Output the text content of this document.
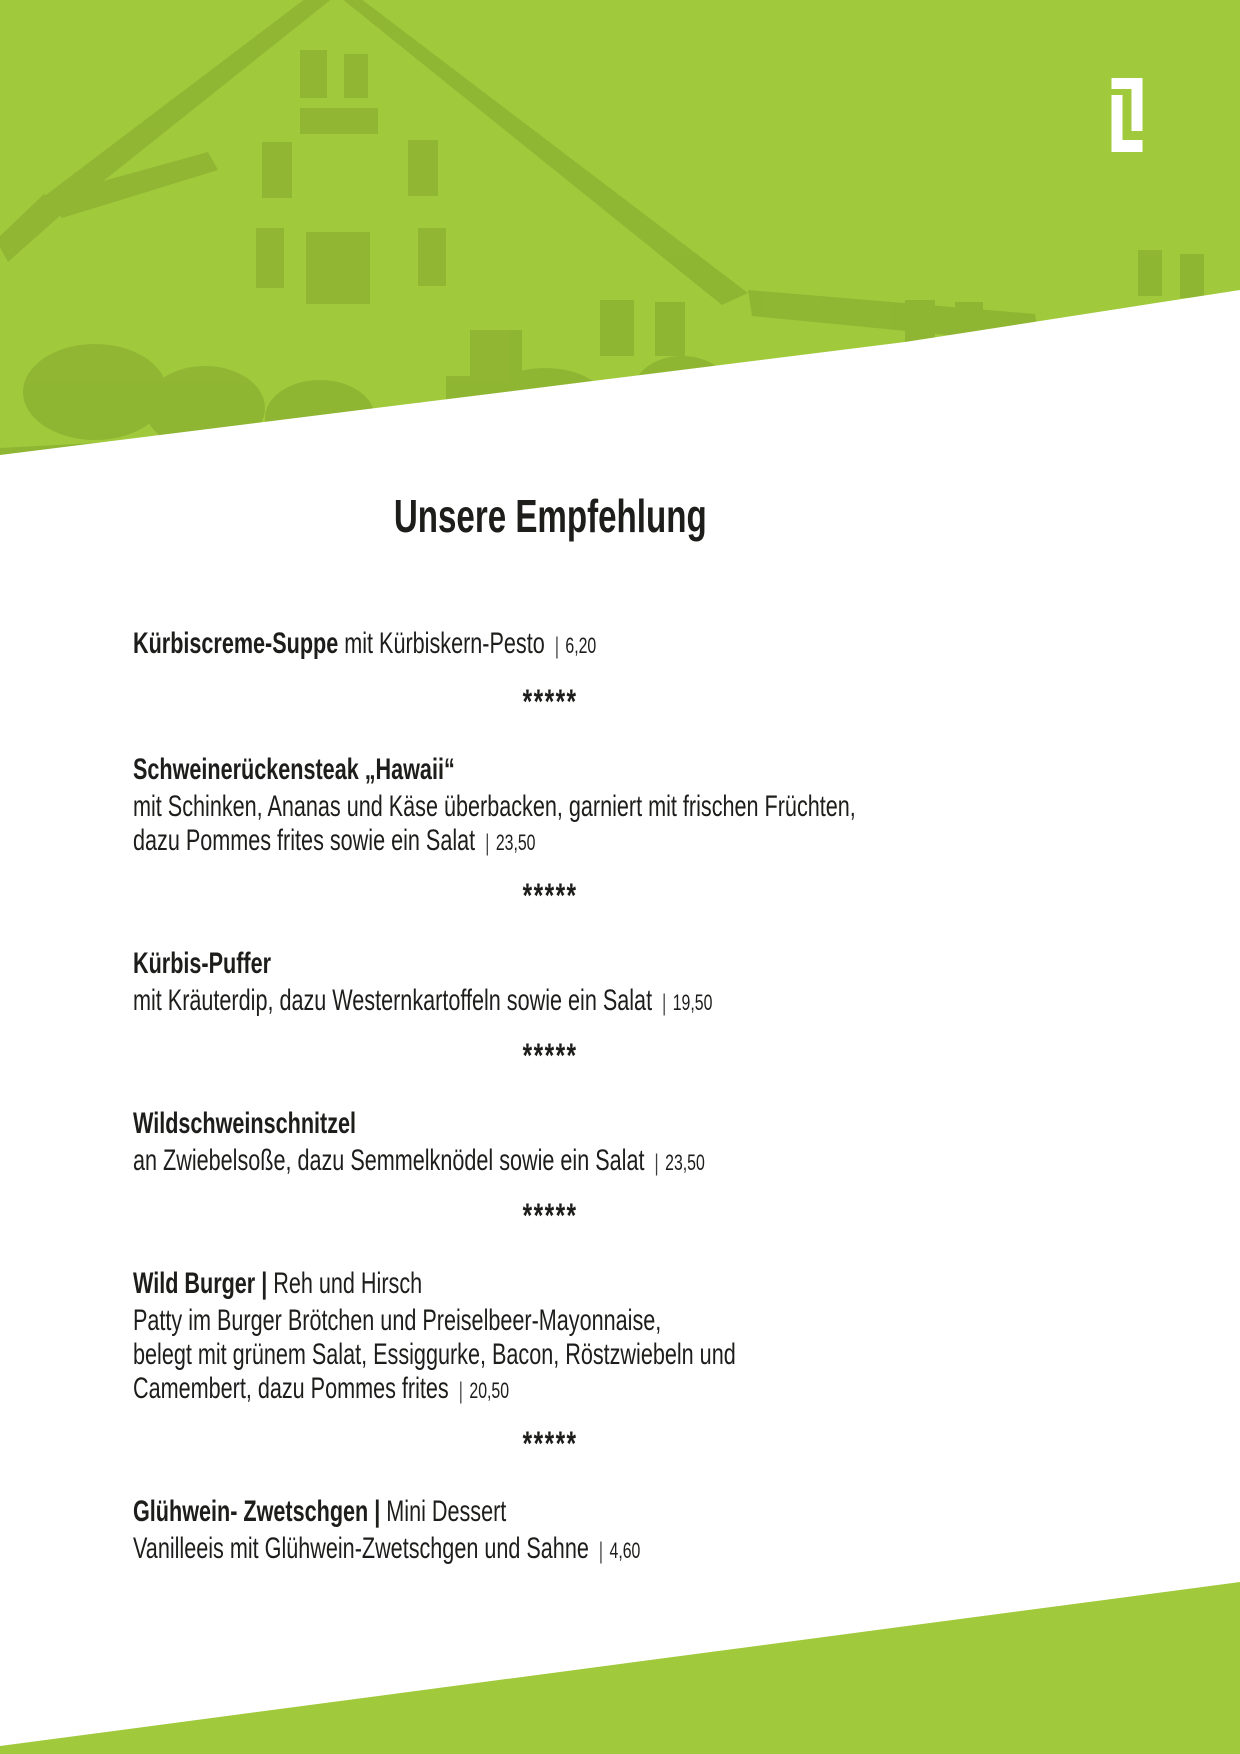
Unsere Empfehlung
Kürbiscreme-Suppe mit Kürbiskern-Pesto | 6,20
*****
Schweinerückensteak „Hawaii“
mit Schinken, Ananas und Käse überbacken, garniert mit frischen Früchten,
dazu Pommes frites sowie ein Salat | 23,50
*****
Kürbis-Puffer
mit Kräuterdip, dazu Westernkartoffeln sowie ein Salat | 19,50
*****
Wildschweinschnitzel
an Zwiebelsoße, dazu Semmelknödel sowie ein Salat | 23,50
*****
Wild Burger | Reh und Hirsch
Patty im Burger Brötchen und Preiselbeer-Mayonnaise,
belegt mit grünem Salat, Essiggurke, Bacon, Röstzwiebeln und
Camembert, dazu Pommes frites | 20,50
*****
Glühwein- Zwetschgen | Mini Dessert
Vanilleeis mit Glühwein-Zwetschgen und Sahne | 4,60
